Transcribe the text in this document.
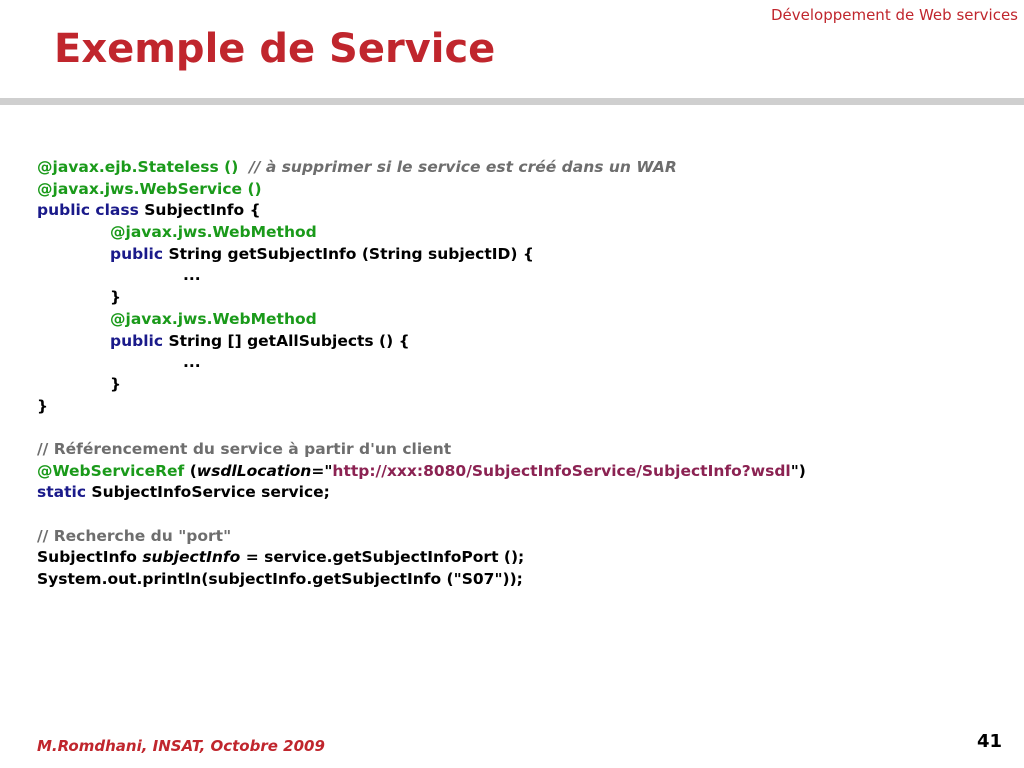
Développement de Web services
Exemple de Service
@javax.ejb.Stateless () // à supprimer si le service est créé dans un WAR
@javax.jws.WebService ()
public class SubjectInfo {
@javax.jws.WebMethod
public String getSubjectInfo (String subjectID) {
...
}
@javax.jws.WebMethod
public String [] getAllSubjects () {
...
}
}
// Référencement du service à partir d'un client
@WebServiceRef (wsdlLocation="http://xxx:8080/SubjectInfoService/SubjectInfo?wsdl")
static SubjectInfoService service;
// Recherche du "port"
SubjectInfo subjectInfo = service.getSubjectInfoPort ();
System.out.println(subjectInfo.getSubjectInfo ("S07"));
M.Romdhani, INSAT, Octobre 2009	41
